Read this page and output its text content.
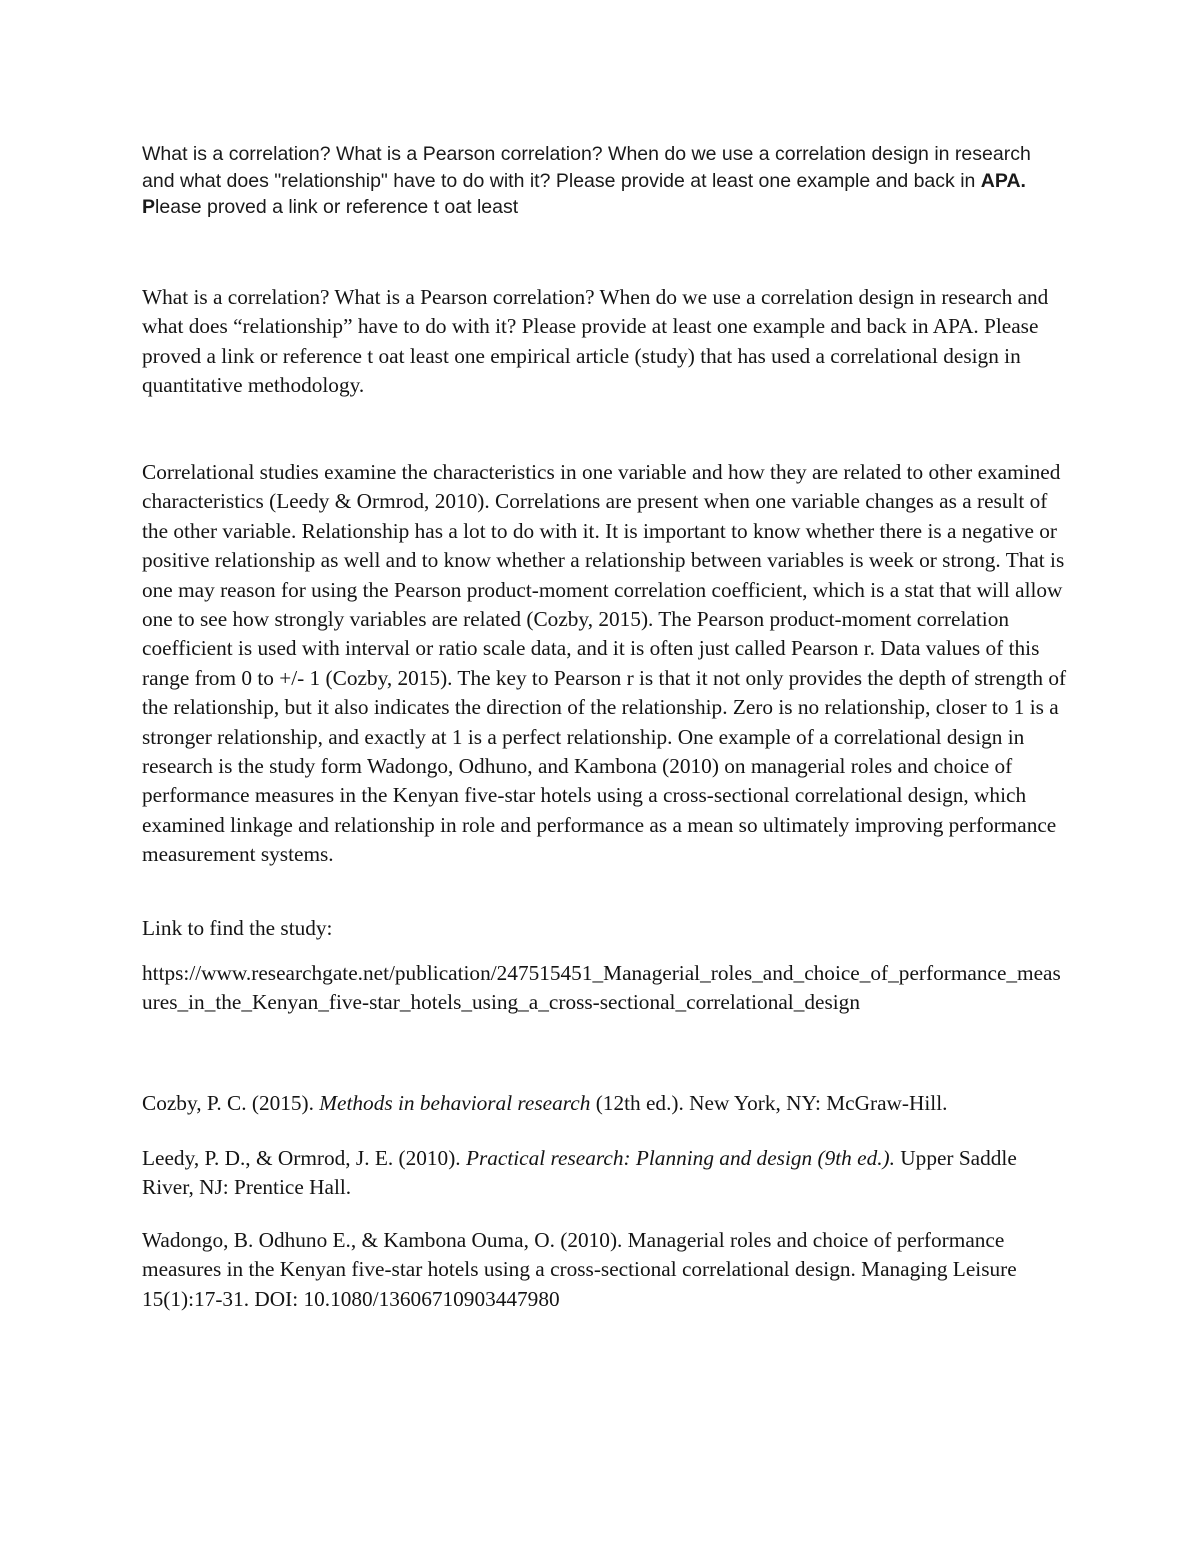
What is a correlation? What is a Pearson correlation? When do we use a correlation design in research and what does "relationship" have to do with it? Please provide at least one example and back in APA. Please proved a link or reference t oat least

What is a correlation? What is a Pearson correlation? When do we use a correlation design in research and what does “relationship” have to do with it? Please provide at least one example and back in APA. Please proved a link or reference t oat least one empirical article (study) that has used a correlational design in quantitative methodology.

Correlational studies examine the characteristics in one variable and how they are related to other examined characteristics (Leedy & Ormrod, 2010). Correlations are present when one variable changes as a result of the other variable. Relationship has a lot to do with it. It is important to know whether there is a negative or positive relationship as well and to know whether a relationship between variables is week or strong. That is one may reason for using the Pearson product-moment correlation coefficient, which is a stat that will allow one to see how strongly variables are related (Cozby, 2015). The Pearson product-moment correlation coefficient is used with interval or ratio scale data, and it is often just called Pearson r. Data values of this range from 0 to +/- 1 (Cozby, 2015). The key to Pearson r is that it not only provides the depth of strength of the relationship, but it also indicates the direction of the relationship. Zero is no relationship, closer to 1 is a stronger relationship, and exactly at 1 is a perfect relationship. One example of a correlational design in research is the study form Wadongo, Odhuno, and Kambona (2010) on managerial roles and choice of performance measures in the Kenyan five-star hotels using a cross-sectional correlational design, which examined linkage and relationship in role and performance as a mean so ultimately improving performance measurement systems.

Link to find the study:

https://www.researchgate.net/publication/247515451_Managerial_roles_and_choice_of_performance_measures_in_the_Kenyan_five-star_hotels_using_a_cross-sectional_correlational_design

Cozby, P. C. (2015). Methods in behavioral research (12th ed.). New York, NY: McGraw-Hill.

Leedy, P. D., & Ormrod, J. E. (2010). Practical research: Planning and design (9th ed.). Upper Saddle River, NJ: Prentice Hall.

Wadongo, B. Odhuno E., & Kambona Ouma, O. (2010). Managerial roles and choice of performance measures in the Kenyan five-star hotels using a cross-sectional correlational design. Managing Leisure 15(1):17-31. DOI: 10.1080/13606710903447980
